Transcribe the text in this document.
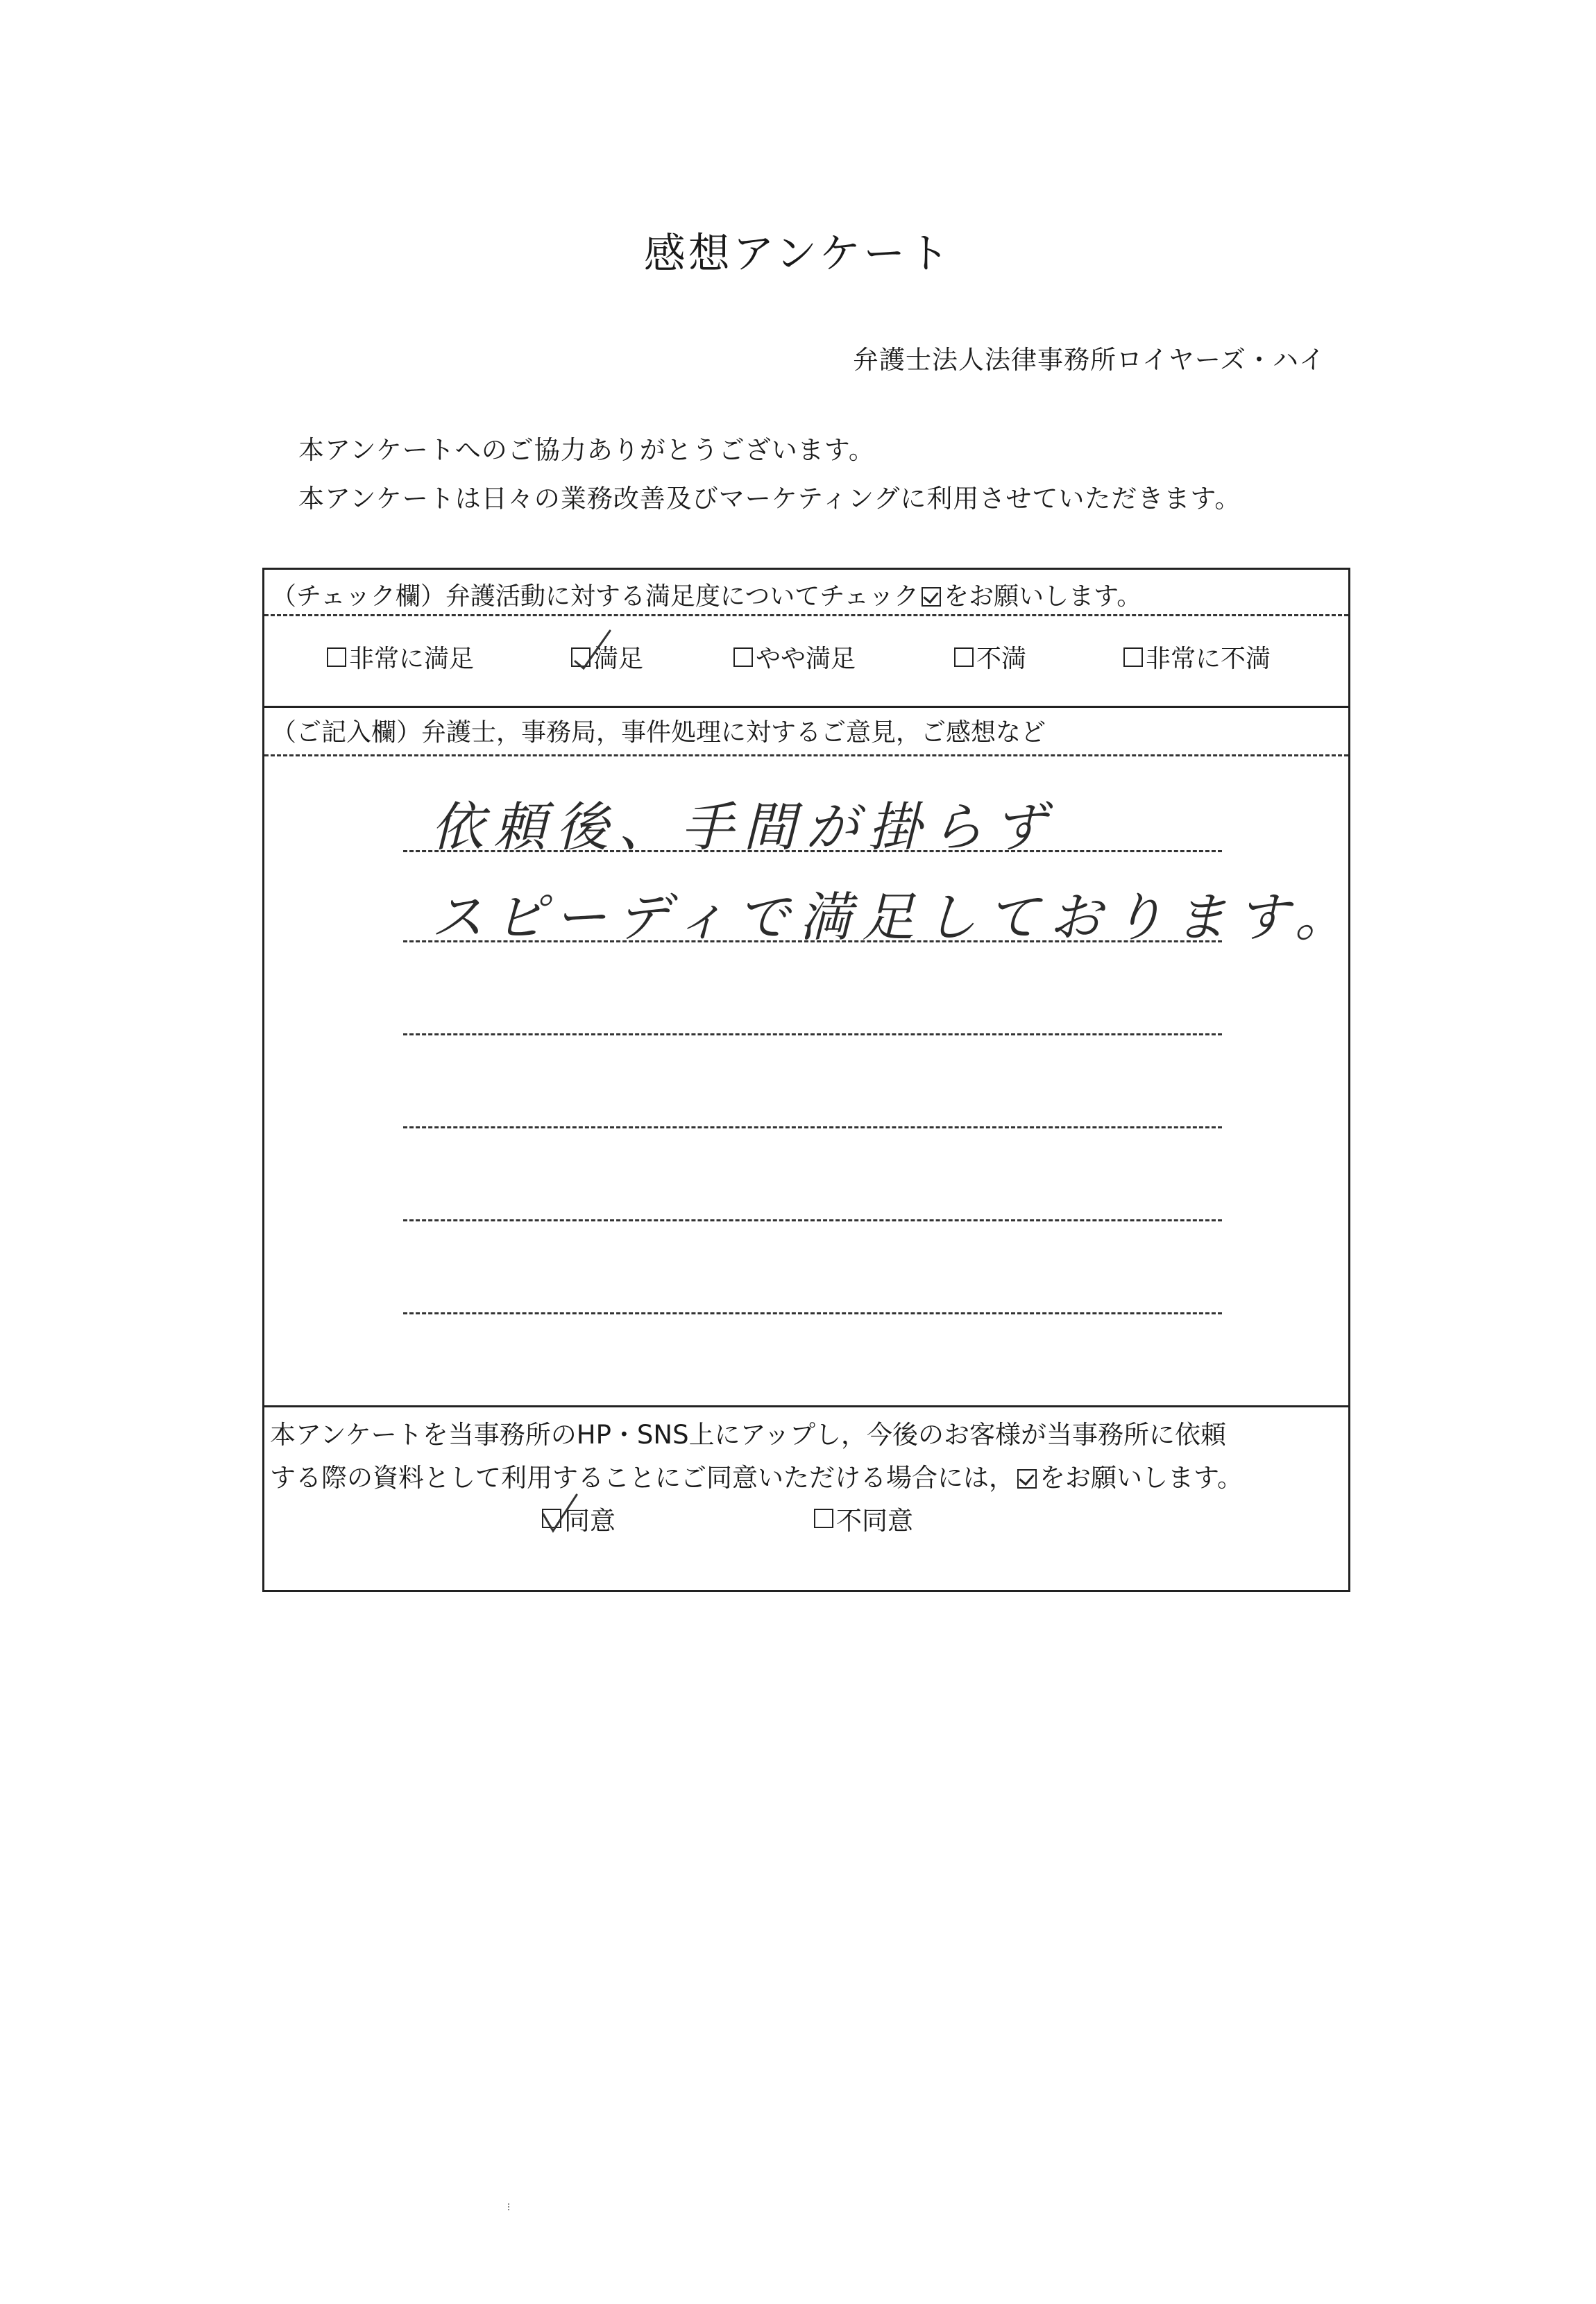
感想アンケート
弁護士法人法律事務所ロイヤーズ・ハイ
本アンケートへのご協力ありがとうございます。
本アンケートは日々の業務改善及びマーケティングに利用させていただきます。
（チェック欄）弁護活動に対する満足度についてチェック をお願いします。
非常に満足	満足	やや満足	不満	非常に不満
（ご記入欄）弁護士，事務局，事件処理に対するご意見，ご感想など
依頼後、手間が掛らず
スピーディで満足しております。
本アンケートを当事務所のHP・SNS上にアップし，今後のお客様が当事務所に依頼
する際の資料として利用することにご同意いただける場合には， をお願いします。
同意	不同意
